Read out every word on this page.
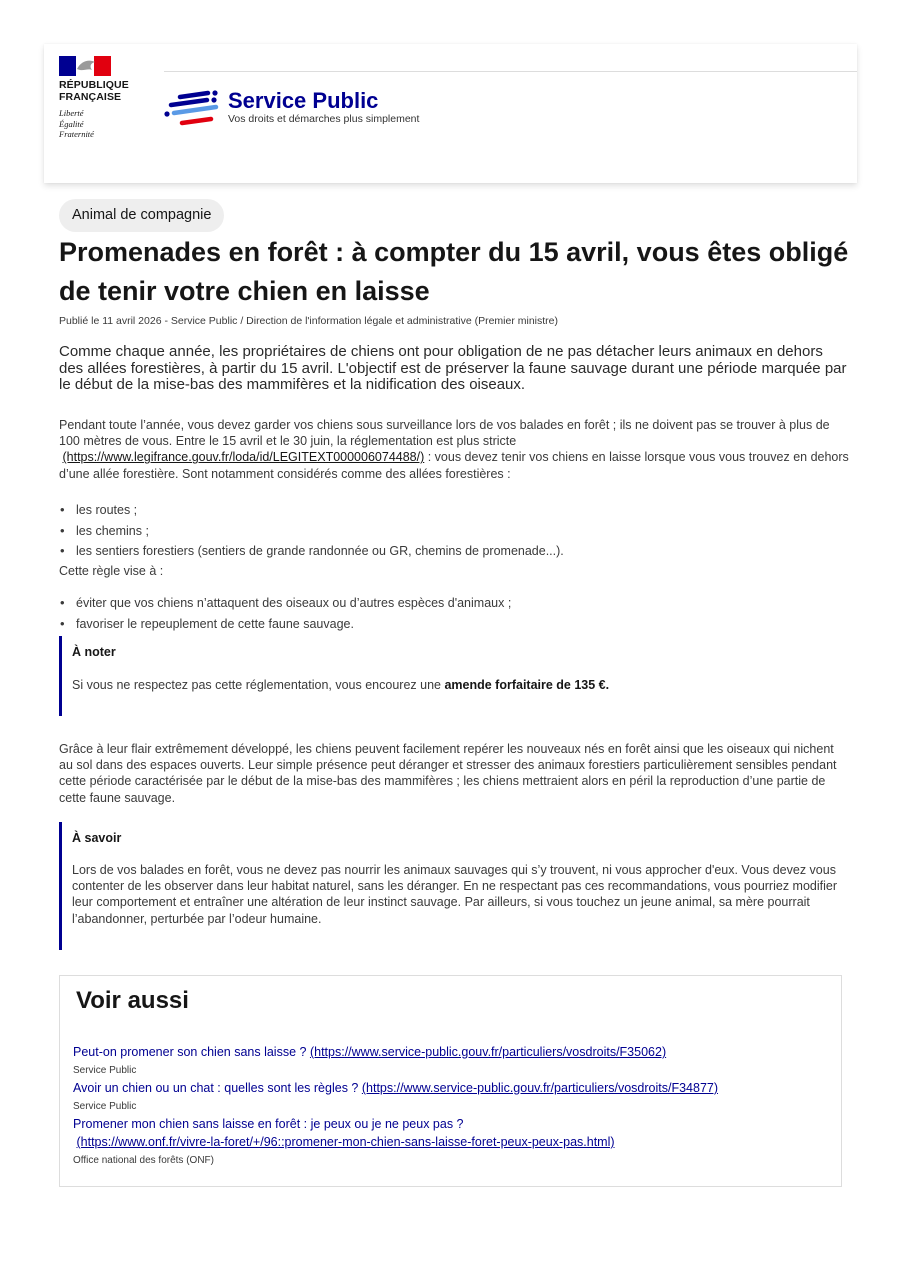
RÉPUBLIQUE
FRANÇAISE
Liberté
Égalité
Fraternité
Service Public
Vos droits et démarches plus simplement
Animal de compagnie
Promenades en forêt : à compter du 15 avril, vous êtes obligé de tenir votre chien en laisse
Publié le 11 avril 2026 - Service Public / Direction de l'information légale et administrative (Premier ministre)
Comme chaque année, les propriétaires de chiens ont pour obligation de ne pas détacher leurs animaux en dehors des allées forestières, à partir du 15 avril. L'objectif est de préserver la faune sauvage durant une période marquée par le début de la mise-bas des mammifères et la nidification des oiseaux.

Pendant toute l’année, vous devez garder vos chiens sous surveillance lors de vos balades en forêt ; ils ne doivent pas se trouver à plus de 100 mètres de vous. Entre le 15 avril et le 30 juin, la réglementation est plus stricte
(https://www.legifrance.gouv.fr/loda/id/LEGITEXT000006074488/) : vous devez tenir vos chiens en laisse lorsque vous vous trouvez en dehors d’une allée forestière. Sont notamment considérés comme des allées forestières :

• les routes ;
• les chemins ;
• les sentiers forestiers (sentiers de grande randonnée ou GR, chemins de promenade...).

Cette règle vise à :

• éviter que vos chiens n’attaquent des oiseaux ou d’autres espèces d'animaux ;
• favoriser le repeuplement de cette faune sauvage.
À noter
Si vous ne respectez pas cette réglementation, vous encourez une amende forfaitaire de 135 €.

Grâce à leur flair extrêmement développé, les chiens peuvent facilement repérer les nouveaux nés en forêt ainsi que les oiseaux qui nichent au sol dans des espaces ouverts. Leur simple présence peut déranger et stresser des animaux forestiers particulièrement sensibles pendant cette période caractérisée par le début de la mise-bas des mammifères ; les chiens mettraient alors en péril la reproduction d’une partie de cette faune sauvage.

À savoir
Lors de vos balades en forêt, vous ne devez pas nourrir les animaux sauvages qui s’y trouvent, ni vous approcher d'eux. Vous devez vous contenter de les observer dans leur habitat naturel, sans les déranger. En ne respectant pas ces recommandations, vous pourriez modifier leur comportement et entraîner une altération de leur instinct sauvage. Par ailleurs, si vous touchez un jeune animal, sa mère pourrait l’abandonner, perturbée par l’odeur humaine.
Voir aussi
Peut-on promener son chien sans laisse ? (https://www.service-public.gouv.fr/particuliers/vosdroits/F35062)
Service Public
Avoir un chien ou un chat : quelles sont les règles ? (https://www.service-public.gouv.fr/particuliers/vosdroits/F34877)
Service Public
Promener mon chien sans laisse en forêt : je peux ou je ne peux pas ?
(https://www.onf.fr/vivre-la-foret/+/96::promener-mon-chien-sans-laisse-foret-peux-peux-pas.html)
Office national des forêts (ONF)
